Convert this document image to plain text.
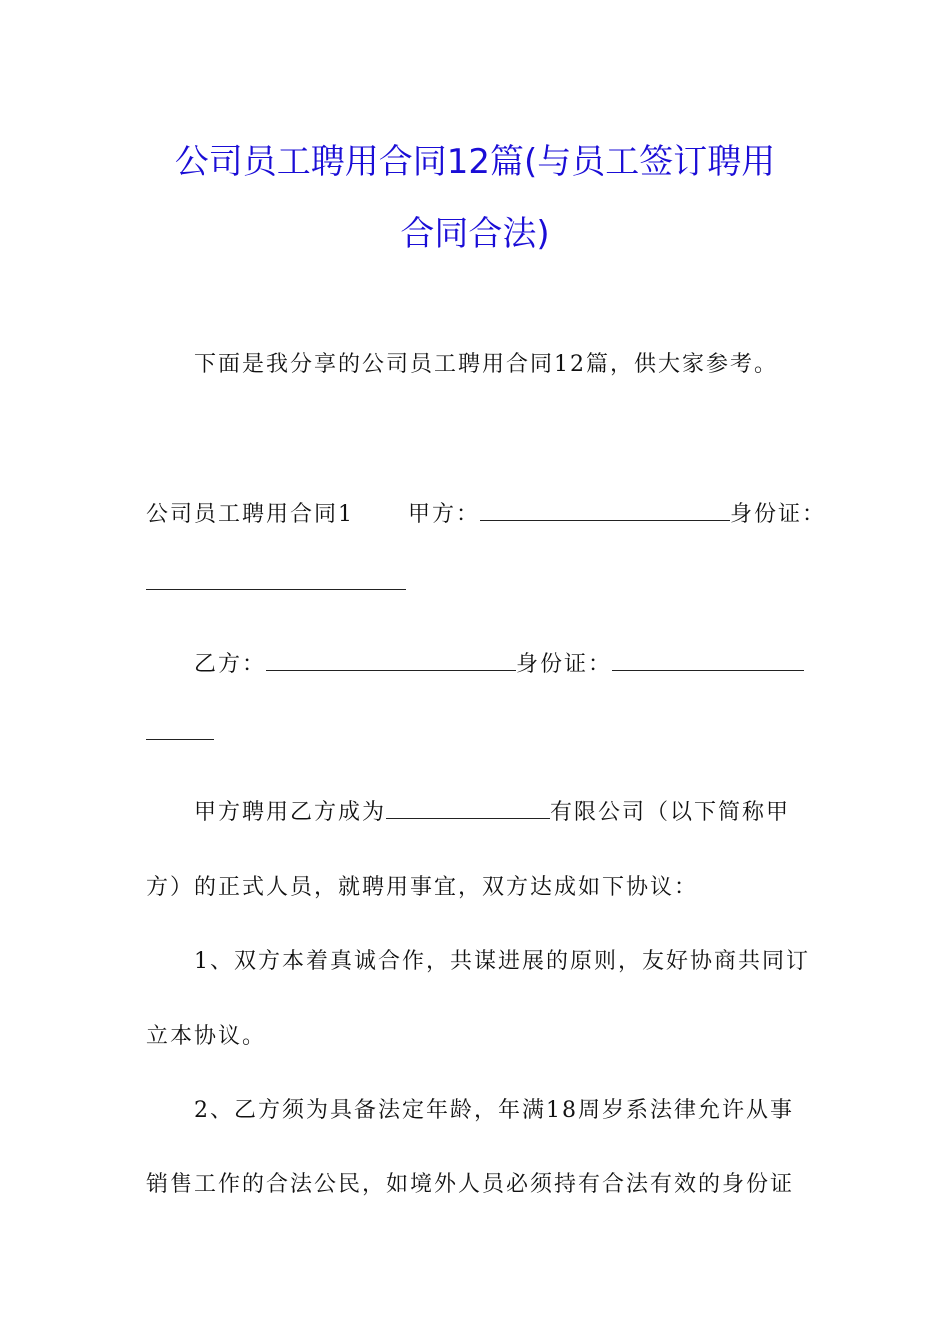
公司员工聘用合同12篇(与员工签订聘用
合同合法)

下面是我分享的公司员工聘用合同12篇，供大家参考。

公司员工聘用合同1 甲方：	身份证：

乙方：	身份证：

甲方聘用乙方成为	有限公司（以下简称甲

方）的正式人员，就聘用事宜，双方达成如下协议：

1、双方本着真诚合作，共谋进展的原则，友好协商共同订

立本协议。

2、乙方须为具备法定年龄，年满18周岁系法律允许从事

销售工作的合法公民，如境外人员必须持有合法有效的身份证
